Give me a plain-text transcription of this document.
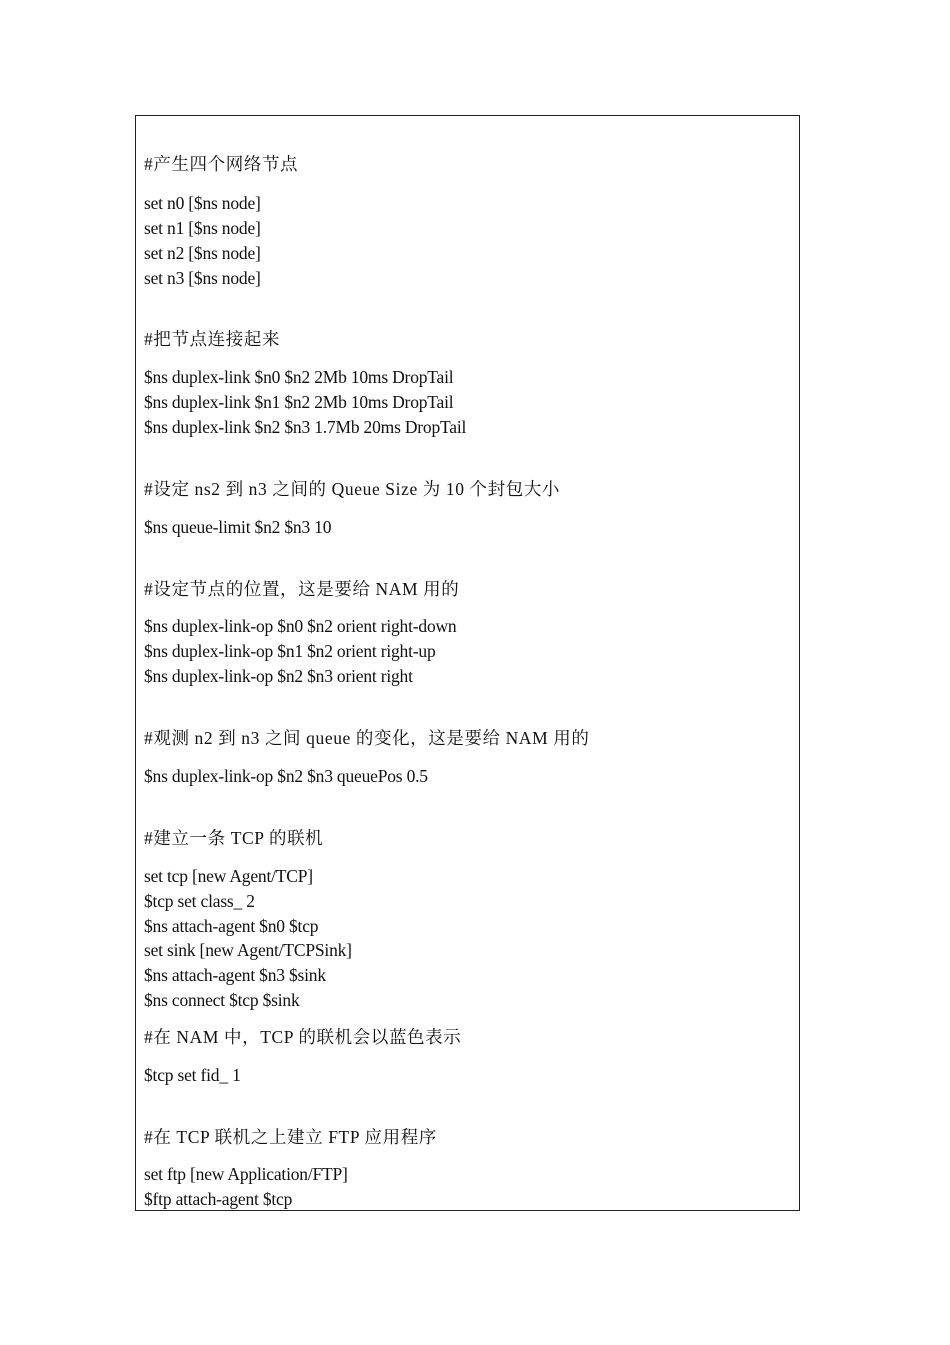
#产生四个网络节点
set n0 [$ns node]
set n1 [$ns node]
set n2 [$ns node]
set n3 [$ns node]
#把节点连接起来
$ns duplex-link $n0 $n2 2Mb 10ms DropTail
$ns duplex-link $n1 $n2 2Mb 10ms DropTail
$ns duplex-link $n2 $n3 1.7Mb 20ms DropTail
#设定 ns2 到 n3 之间的 Queue Size 为 10 个封包大小
$ns queue-limit $n2 $n3 10
#设定节点的位置，这是要给 NAM 用的
$ns duplex-link-op $n0 $n2 orient right-down
$ns duplex-link-op $n1 $n2 orient right-up
$ns duplex-link-op $n2 $n3 orient right
#观测 n2 到 n3 之间 queue 的变化，这是要给 NAM 用的
$ns duplex-link-op $n2 $n3 queuePos 0.5
#建立一条 TCP 的联机
set tcp [new Agent/TCP]
$tcp set class_ 2
$ns attach-agent $n0 $tcp
set sink [new Agent/TCPSink]
$ns attach-agent $n3 $sink
$ns connect $tcp $sink
#在 NAM 中，TCP 的联机会以蓝色表示
$tcp set fid_ 1
#在 TCP 联机之上建立 FTP 应用程序
set ftp [new Application/FTP]
$ftp attach-agent $tcp
